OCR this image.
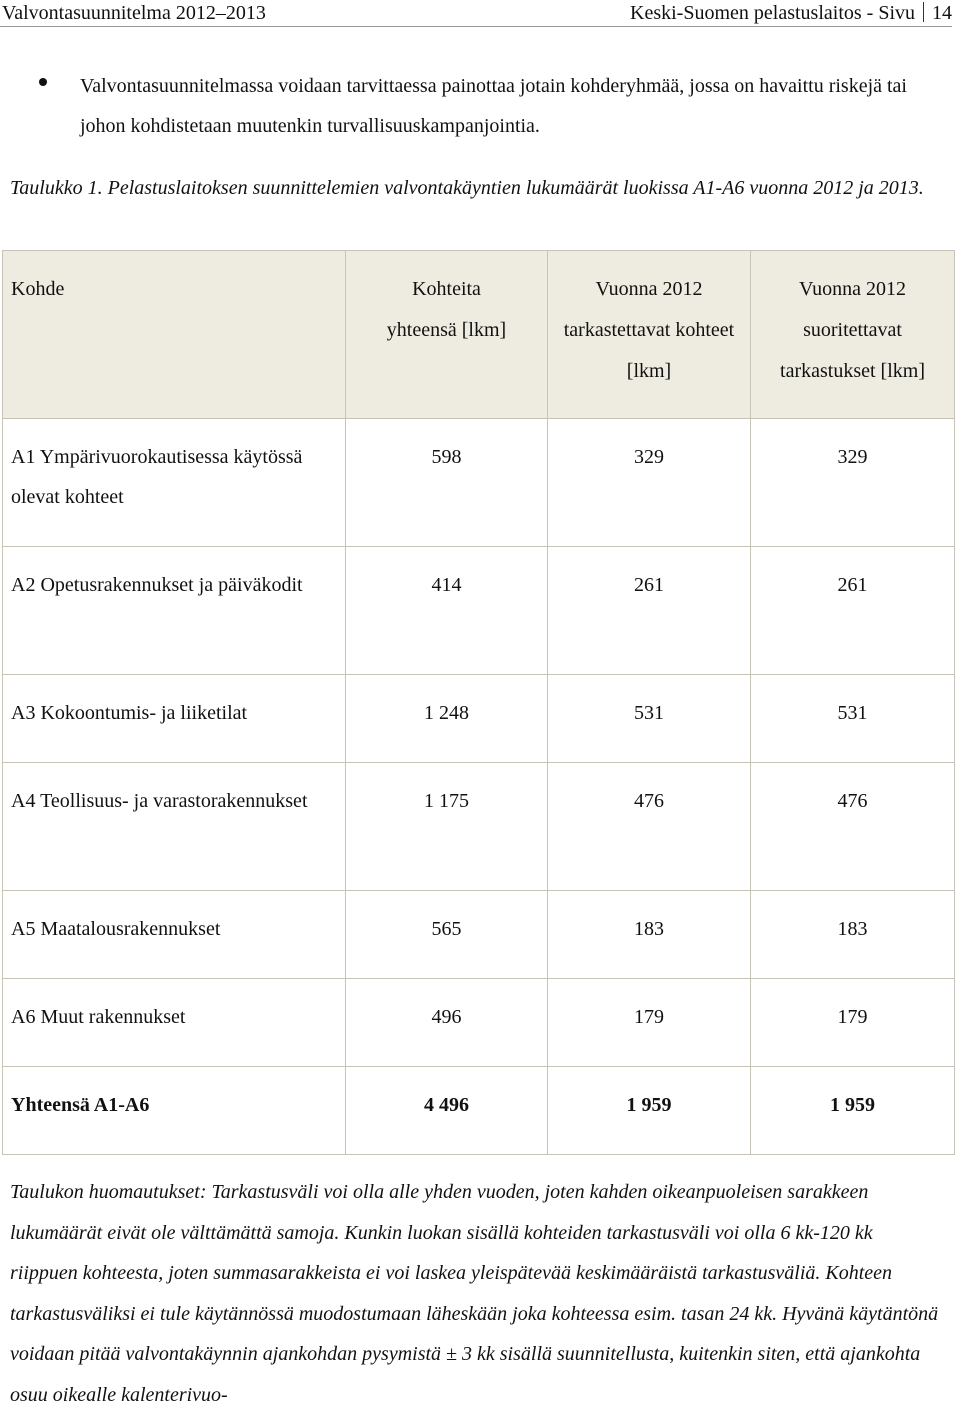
Valvontasuunnitelma 2012–2013	Keski-Suomen pelastuslaitos - Sivu 14
Valvontasuunnitelmassa voidaan tarvittaessa painottaa jotain kohderyhmää, jossa on havaittu riskejä tai johon kohdistetaan muutenkin turvallisuuskampanjointia.
Taulukko 1. Pelastuslaitoksen suunnittelemien valvontakäyntien lukumäärät luokissa A1-A6 vuonna 2012 ja 2013.
Kohde	Kohteita yhteensä [lkm]	Vuonna 2012 tarkastettavat kohteet [lkm]	Vuonna 2012 suoritettavat tarkastukset [lkm]

A1 Ympärivuorokautisessa käytössä olevat kohteet	598	329	329

A2 Opetusrakennukset ja päiväkodit	414	261	261

A3 Kokoontumis- ja liiketilat	1 248	531	531

A4 Teollisuus- ja varastorakennukset	1 175	476	476

A5 Maatalousrakennukset	565	183	183

A6 Muut rakennukset	496	179	179

Yhteensä A1-A6	4 496	1 959	1 959
Taulukon huomautukset: Tarkastusväli voi olla alle yhden vuoden, joten kahden oikeanpuoleisen sarakkeen lukumäärät eivät ole välttämättä samoja. Kunkin luokan sisällä kohteiden tarkastusväli voi olla 6 kk-120 kk riippuen kohteesta, joten summasarakkeista ei voi laskea yleispätevää keskimääräistä tarkastusväliä. Kohteen tarkastusväliksi ei tule käytännössä muodostumaan läheskään joka kohteessa esim. tasan 24 kk. Hyvänä käytäntönä voidaan pitää valvontakäynnin ajankohdan pysymistä ± 3 kk sisällä suunnitellusta, kuitenkin siten, että ajankohta osuu oikealle kalenterivuo-
